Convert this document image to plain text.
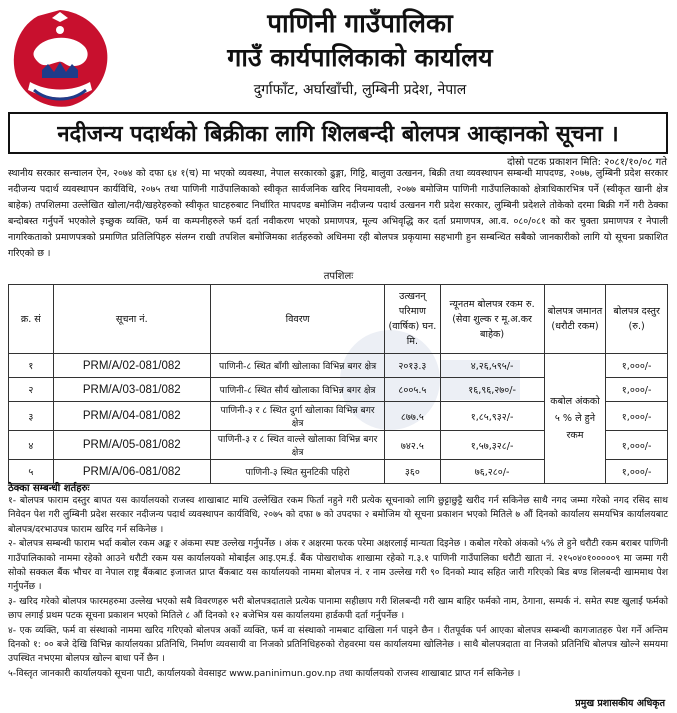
पाणिनी गाउँपालिका
गाउँ कार्यपालिकाको कार्यालय
दुर्गाफाँट, अर्घाखाँची, लुम्बिनी प्रदेश, नेपाल
नदीजन्य पदार्थको बिक्रीका लागि शिलबन्दी बोलपत्र आव्हानको सूचना ।
दोस्रो पटक प्रकाशन मिति: २०८१/१०/०८ गते
स्थानीय सरकार सन्चालन ऐन, २०७४ को दफा ६४ १(च) मा भएको व्यवस्था, नेपाल सरकारको ढुङ्गा, गिट्टि, बालुवा उत्खनन, बिक्री तथा व्यवस्थापन सम्बन्धी मापदण्ड, २०७७, लुम्बिनी प्रदेश सरकार नदीजन्य पदार्थ व्यवस्थापन कार्यविधि, २०७५ तथा पाणिनी गाउँपालिकाको स्वीकृत सार्वजनिक खरिद नियमावली, २०७७ बमोजिम पाणिनी गाउँपालिकाको क्षेत्राधिकारभित्र पर्ने (स्वीकृत खानी क्षेत्र बाहेक) तपशिलमा उल्लेखित खोला/नदी/खहरेहरुको स्वीकृत घाटहरुबाट निर्धारित मापदण्ड बमोजिम नदीजन्य पदार्थ उत्खनन गरी प्रदेश सरकार, लुम्बिनी प्रदेशले तोकेको दरमा बिक्री गर्ने गरी ठेक्का बन्दोबस्त गर्नुपर्ने भएकोले इच्छुक व्यक्ति, फर्म वा कम्पनीहरुले फर्म दर्ता नवीकरण भएको प्रमाणपत्र, मूल्य अभिवृद्धि कर दर्ता प्रमाणपत्र, आ.व. ०८०/०८१ को कर चुक्ता प्रमाणपत्र र नेपाली नागरिकताको प्रमाणपत्रको प्रमाणित प्रतिलिपिहरु संलग्न राखी तपशिल बमोजिमका शर्तहरुको अधिनमा रही बोलपत्र प्रकृयामा सहभागी हुन सम्बन्धित सबैको जानकारीको लागि यो सूचना प्रकाशित गरिएको छ ।
तपशिलः
क्र. सं	सूचना नं.	विवरण	उत्खनन् परिमाण (वार्षिक) घन. मि.	न्यूनतम बोलपत्र रकम रु. (सेवा शुल्क र मू.अ.कर बाहेक)	बोलपत्र जमानत (धरौटी रकम)	बोलपत्र दस्तुर (रु.)
१	PRM/A/02-081/082	पाणिनी-८ स्थित बाँगी खोलाका विभिन्न बगर क्षेत्र	२०१३.३	४,२६,५९५/-	कबोल अंकको ५ % ले हुने रकम	१,०००/-
२	PRM/A/03-081/082	पाणिनी-८ स्थित सौर्य खोलाका विभिन्न बगर क्षेत्र	८००५.५	१६,९६,२७०/-		१,०००/-
३	PRM/A/04-081/082	पाणिनी-३ र ८ स्थित दुर्गा खोलाका विभिन्न बगर क्षेत्र	८७७.५	१,८५,९३२/-		१,०००/-
४	PRM/A/05-081/082	पाणिनी-३ र ८ स्थित वाल्ले खोलाका विभिन्न बगर क्षेत्र	७४२.५	१,५७,३२८/-		१,०००/-
५	PRM/A/06-081/082	पाणिनी-३ स्थित सुनटिकी पहिरो	३६०	७६,२८०/-		१,०००/-
ठेक्का सम्बन्धी शर्तहरुः

१- बोलपत्र फाराम दस्तुर बापत यस कार्यालयको राजस्व शाखाबाट माथि उल्लेखित रकम फिर्ता नहुने गरी प्रत्येक सूचनाको लागि छुट्टाछुट्टै खरीद गर्न सकिनेछ साथै नगद जम्मा गरेको नगद रसिद साथ निवेदन पेश गरी लुम्बिनी प्रदेश सरकार नदीजन्य पदार्थ व्यवस्थापन कार्यविधि, २०७५ को दफा ७ को उपदफा २ बमोजिम यो सूचना प्रकाशन भएको मितिले ७ औं दिनको कार्यालय समयभित्र कार्यालयबाट बोलपत्र/दरभाउपत्र फाराम खरिद गर्न सकिनेछ ।

२- बोलपत्र सम्बन्धी फाराम भर्दा कबोल रकम अङ्क र अंकमा स्पष्ट उल्लेख गर्नुपर्नेछ । अंक र अक्षरमा फरक परेमा अक्षरलाई मान्यता दिइनेछ । कबोल गरेको अंकको ५% ले हुने धरौटी रकम बराबर पाणिनी गाउँपालिकाको नाममा रहेको आउने धरौटी रकम यस कार्यालयको मोबाईल आइ.एम.ई. बैंक पोखराधोक शाखामा रहेको ग.३.१ पाणिनी गाउँपालिका धरौटी खाता नं. २१५०४०१०००००९ मा जम्मा गरी सोको सक्कल बैंक भौचर वा नेपाल राष्ट्र बैंकबाट इजाजत प्राप्त बैंकबाट यस कार्यालयको नाममा बोलपत्र नं. र नाम उल्लेख गरी ९० दिनको म्याद सहित जारी गरिएको बिड बण्ड शिलबन्दी खाममाथ पेश गर्नुपर्नेछ ।

३- खरिद गरेको बोलपत्र फारमहरुमा उल्लेख भएको सबै विवरणहरु भरी बोलपत्रदाताले प्रत्येक पानामा सहीछाप गरी शिलबन्दी गरी खाम बाहिर फर्मको नाम, ठेगाना, सम्पर्क नं. समेत स्पष्ट खुलाई फर्मको छाप लगाई प्रथम पटक सूचना प्रकाशन भएको मितिले ८ औं दिनको १२ बजेभित्र यस कार्यालयमा हार्डकपी दर्ता गर्नुपर्नेछ ।

४- एक व्यक्ति, फर्म वा संस्थाको नाममा खरिद गरिएको बोलपत्र अर्को व्यक्ति, फर्म वा संस्थाको नामबाट दाखिला गर्न पाइने छैन । रीतपूर्वक पर्न आएका बोलपत्र सम्बन्धी कागजातहरु पेश गर्ने अन्तिम दिनको १: ०० बजे देखि विभिन्न कार्यालयका प्रतिनिधि, निर्माण व्यवसायी वा निजको प्रतिनिधिहरुको रोहवरमा यस कार्यालयमा खोलिनेछ । साथै बोलपत्रदाता वा निजको प्रतिनिधि बोलपत्र खोल्ने समयमा उपस्थित नभएमा बोलपत्र खोल्न बाधा पर्ने छैन ।

५-विस्तृत जानकारी कार्यालयको सूचना पाटी, कार्यालयको वेवसाइट www.paninimun.gov.np तथा कार्यालयको राजस्व शाखाबाट प्राप्त गर्न सकिनेछ ।

प्रमुख प्रशासकीय अधिकृत
